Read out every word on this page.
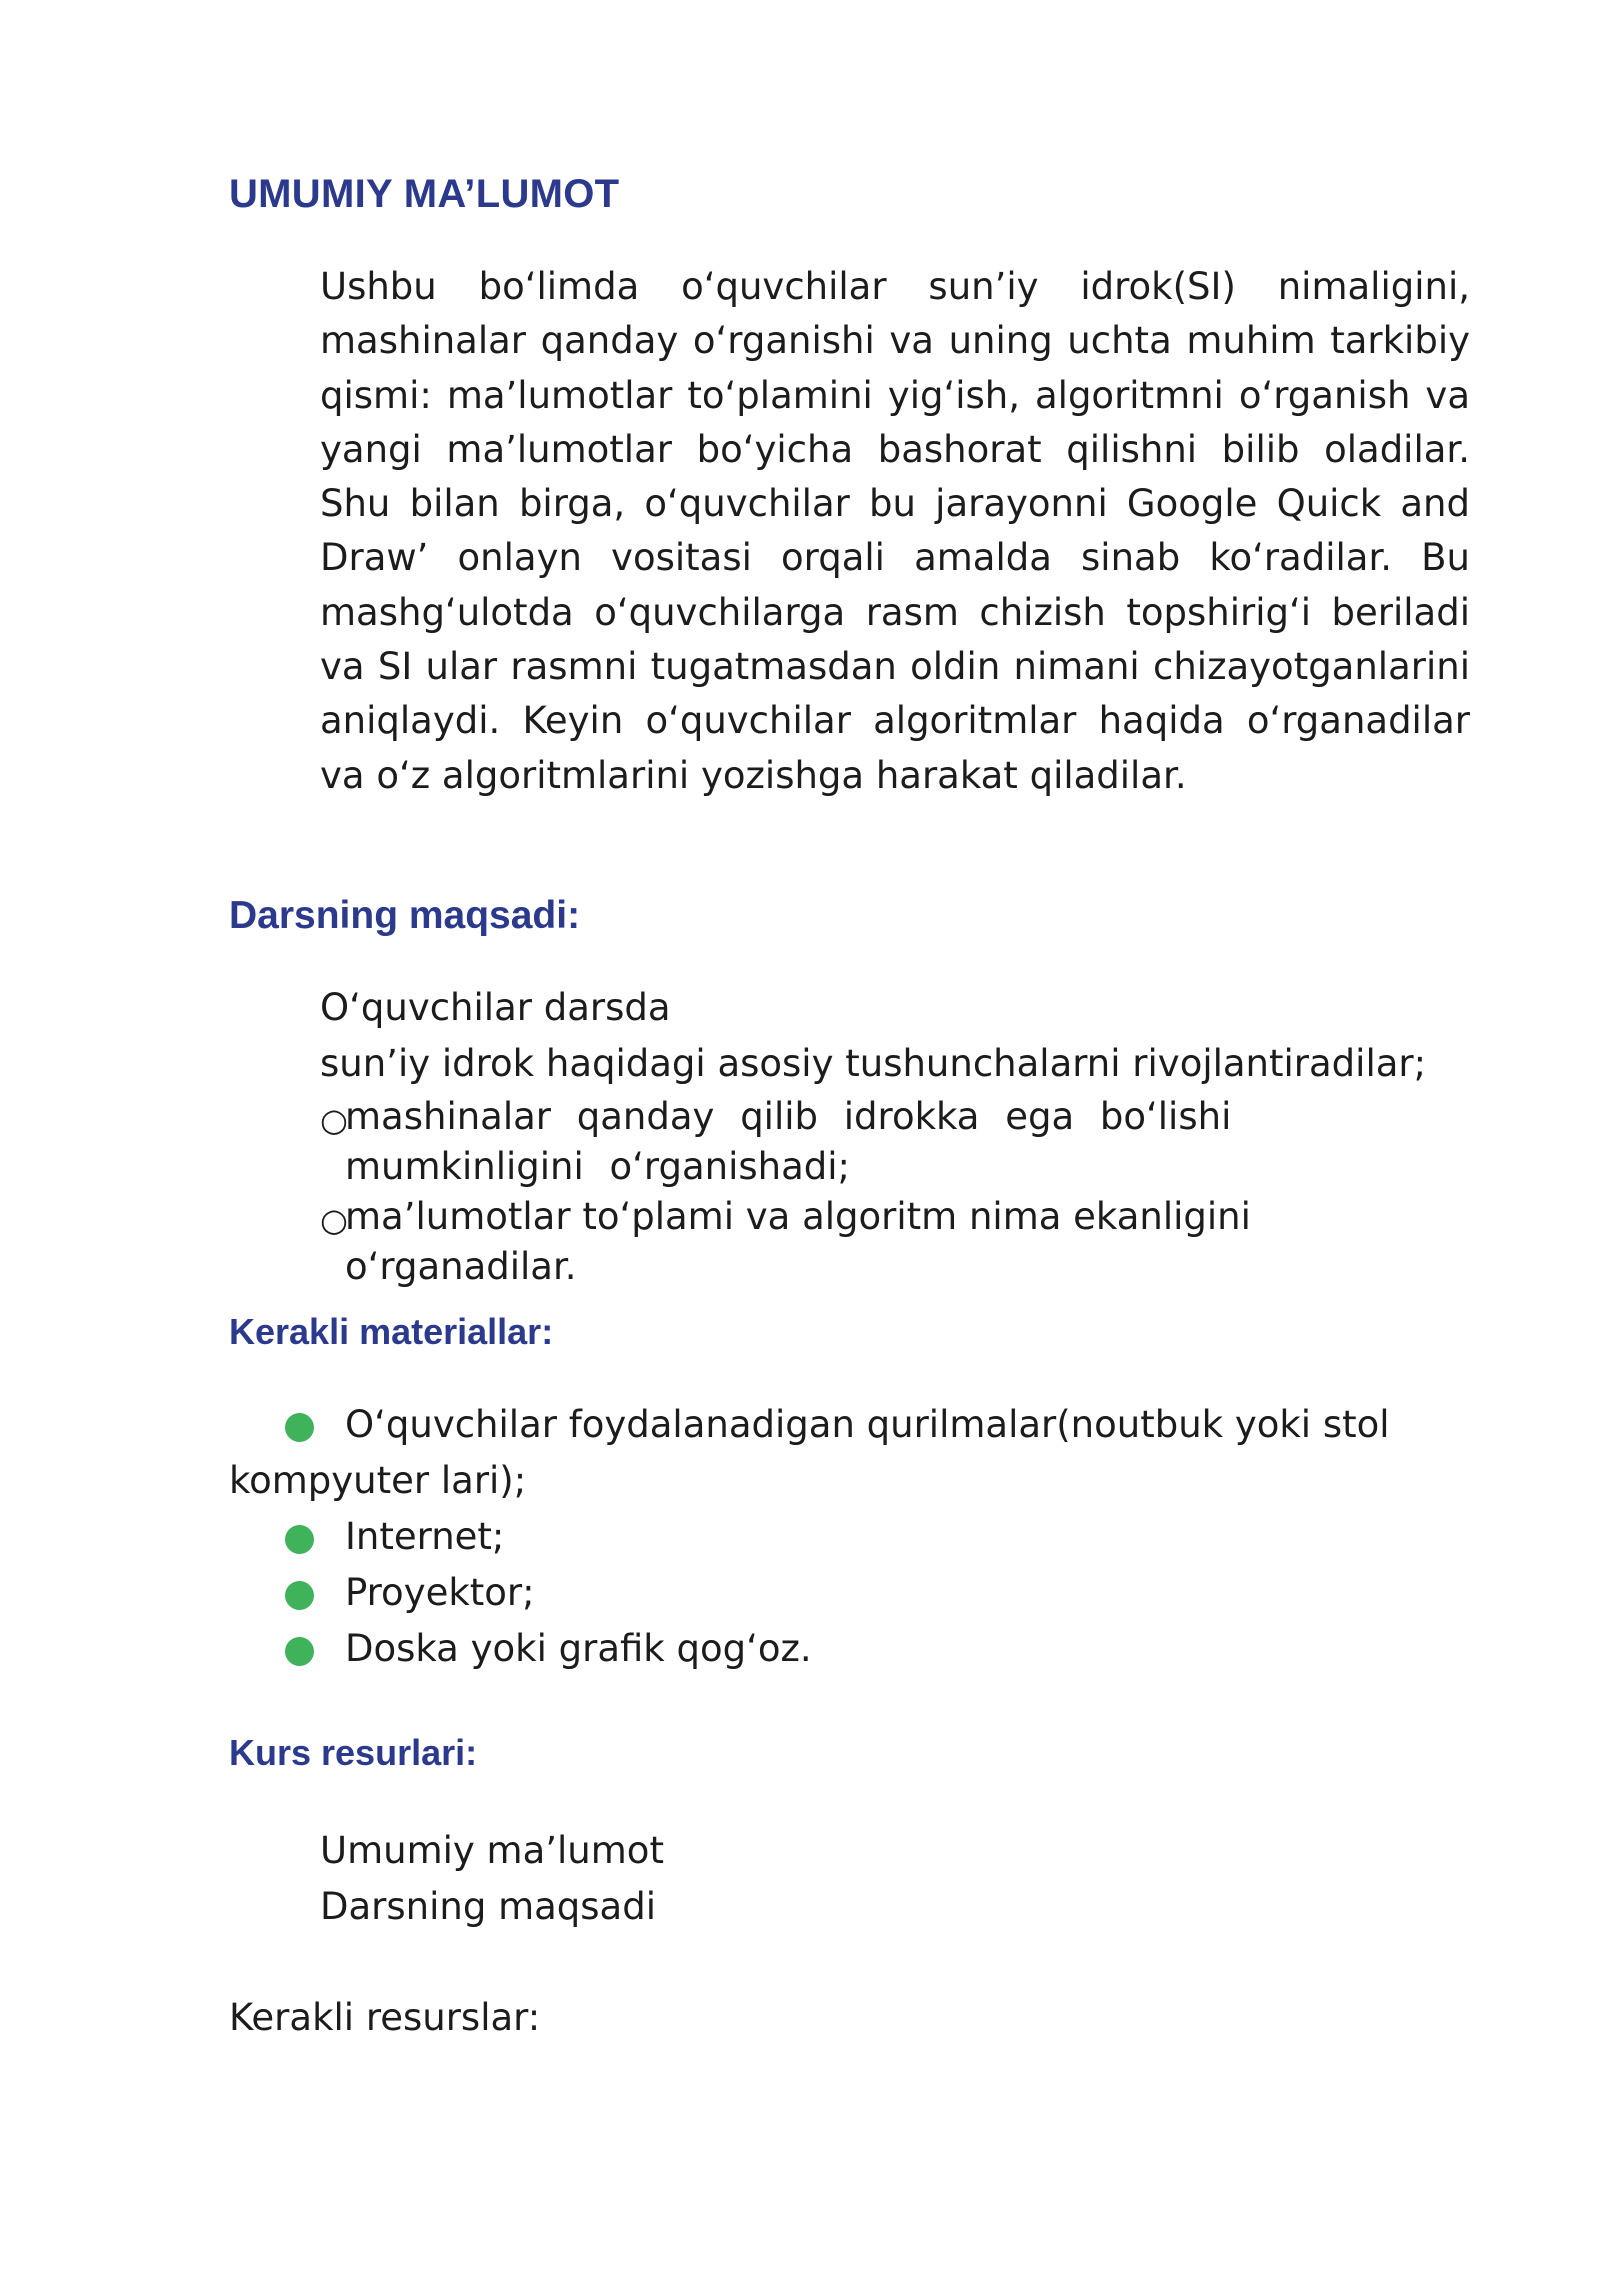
UMUMIY MA’LUMOT

Ushbu bo‘limda o‘quvchilar sun’iy idrok(SI) nimaligini, mashinalar qanday o‘rganishi va uning uchta muhim tarkibiy qismi: ma’lumotlar to‘plamini yig‘ish, algoritmni o‘rganish va yangi ma’lumotlar bo‘yicha bashorat qilishni bilib oladilar. Shu bilan birga, o‘quvchilar bu jarayonni Google Quick and Draw’ onlayn vositasi orqali amalda sinab ko‘radilar. Bu mashg‘ulotda o‘quvchilarga rasm chizish topshirig‘i beriladi va SI ular rasmni tugatmasdan oldin nimani chizayotganlarini aniqlaydi. Keyin o‘quvchilar algoritmlar haqida o‘rganadilar va o‘z algoritmlarini yozishga harakat qiladilar.

Darsning maqsadi:
O‘quvchilar darsda
sun’iy idrok haqidagi asosiy tushunchalarni rivojlantiradilar;
○
mashinalar qanday qilib idrokka ega bo‘lishi mumkinligini o‘rganishadi;
○
ma’lumotlar to‘plami va algoritm nima ekanligini o‘rganadilar.
Kerakli materiallar:
O‘quvchilar foydalanadigan qurilmalar(noutbuk yoki stol
kompyuter lari);
Internet;
Proyektor;
Doska yoki grafik qog‘oz.
Kurs resurlari:
Umumiy ma’lumot
Darsning maqsadi
Kerakli resurslar:
